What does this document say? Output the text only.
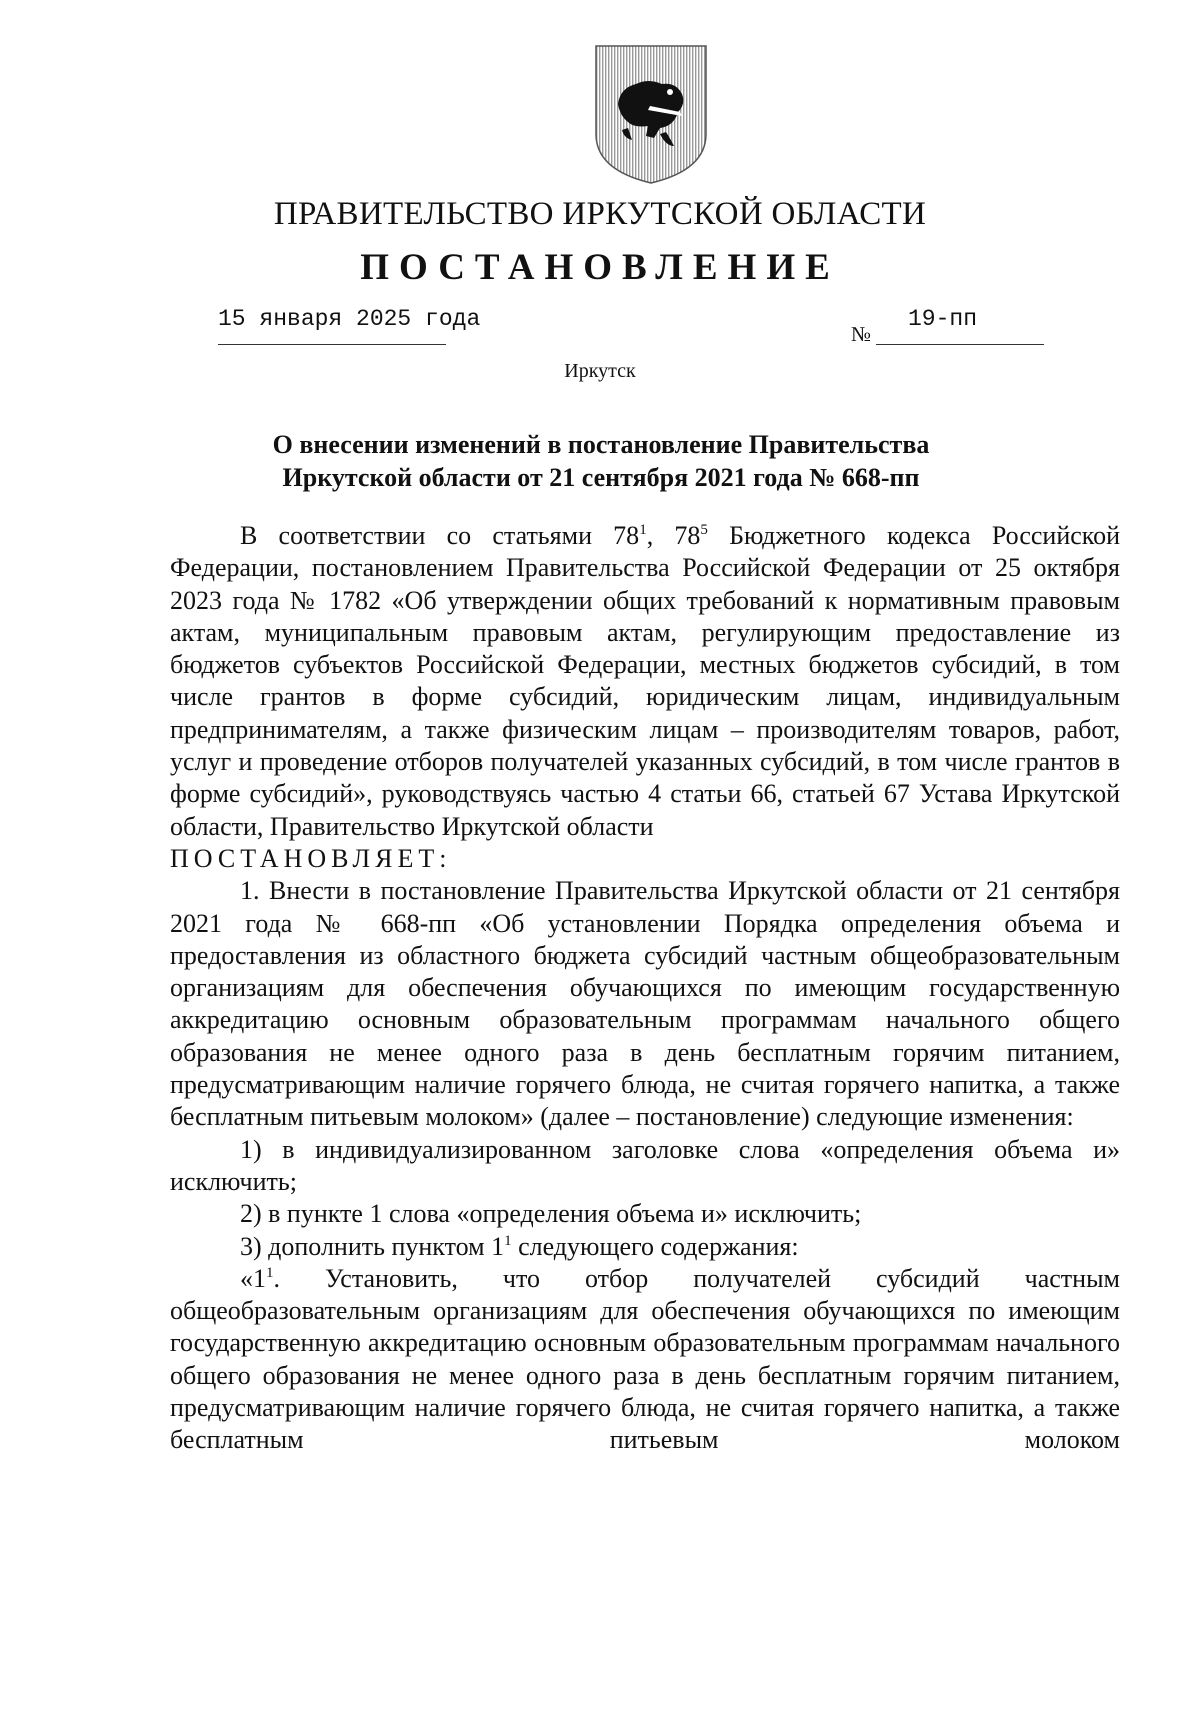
ПРАВИТЕЛЬСТВО ИРКУТСКОЙ ОБЛАСТИ
ПОСТАНОВЛЕНИЕ
15 января 2025 года
№
19-пп
Иркутск
О внесении изменений в постановление Правительства
Иркутской области от 21 сентября 2021 года № 668-пп

В соответствии со статьями $78^1$, $78^5$ Бюджетного кодекса Российской Федерации, постановлением Правительства Российской Федерации от 25 октября 2023 года № 1782 «Об утверждении общих требований к нормативным правовым актам, муниципальным правовым актам, регулирующим предоставление из бюджетов субъектов Российской Федерации, местных бюджетов субсидий, в том числе грантов в форме субсидий, юридическим лицам, индивидуальным предпринимателям, а также физическим лицам – производителям товаров, работ, услуг и проведение отборов получателей указанных субсидий, в том числе грантов в форме субсидий», руководствуясь частью 4 статьи 66, статьей 67 Устава Иркутской области, Правительство Иркутской области

ПОСТАНОВЛЯЕТ:

1. Внести в постановление Правительства Иркутской области от 21 сентября 2021 года № 668-пп «Об установлении Порядка определения объема и предоставления из областного бюджета субсидий частным общеобразовательным организациям для обеспечения обучающихся по имеющим государственную аккредитацию основным образовательным программам начального общего образования не менее одного раза в день бесплатным горячим питанием, предусматривающим наличие горячего блюда, не считая горячего напитка, а также бесплатным питьевым молоком» (далее – постановление) следующие изменения:

1) в индивидуализированном заголовке слова «определения объема и» исключить;

2) в пункте 1 слова «определения объема и» исключить;

3) дополнить пунктом $1^1$ следующего содержания:

«$1^1$. Установить, что отбор получателей субсидий частным общеобразовательным организациям для обеспечения обучающихся по имеющим государственную аккредитацию основным образовательным программам начального общего образования не менее одного раза в день бесплатным горячим питанием, предусматривающим наличие горячего блюда, не считая горячего напитка, а также бесплатным питьевым молоком
